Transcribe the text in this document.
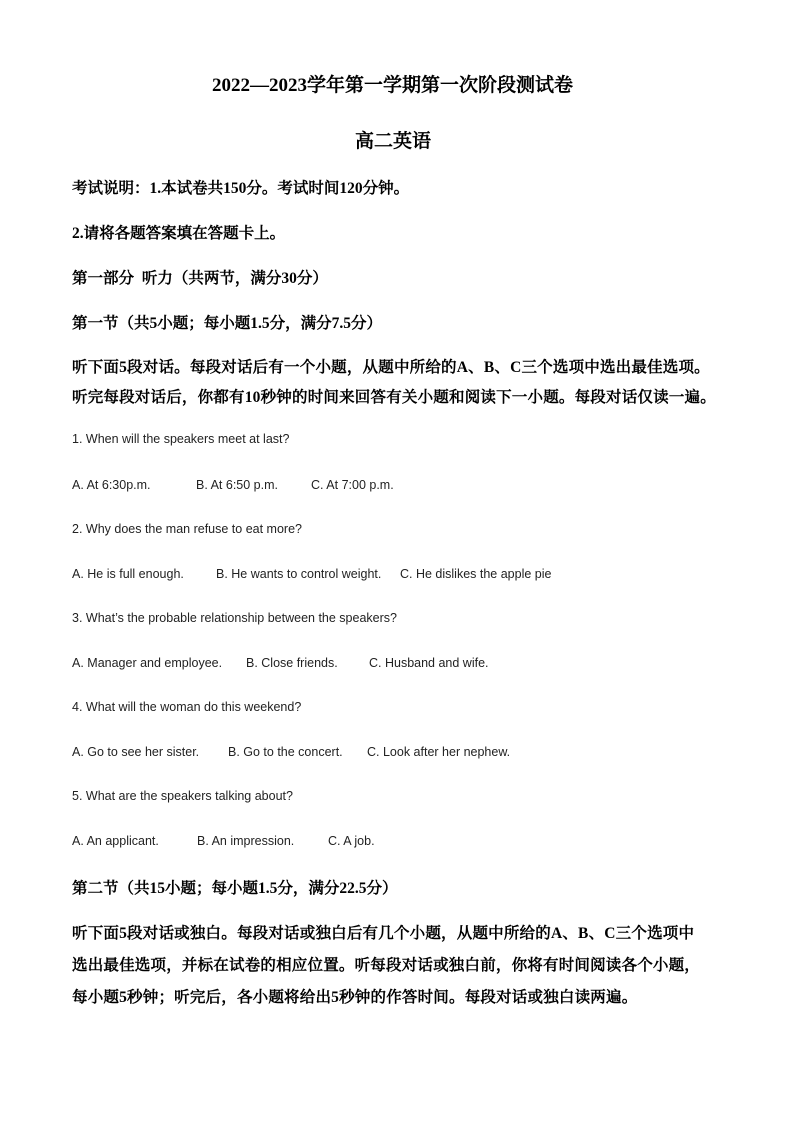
2022—2023学年第一学期第一次阶段测试卷
高二英语
考试说明：1.本试卷共150分。考试时间120分钟。
2.请将各题答案填在答题卡上。
第一部分 听力（共两节，满分30分）
第一节（共5小题；每小题1.5分，满分7.5分）
听下面5段对话。每段对话后有一个小题，从题中所给的A、B、C三个选项中选出最佳选项。
听完每段对话后，你都有10秒钟的时间来回答有关小题和阅读下一小题。每段对话仅读一遍。
1. When will the speakers meet at last?
A. At 6:30p.m.	B. At 6:50 p.m.	C. At 7:00 p.m.
2. Why does the man refuse to eat more?
A. He is full enough.	B. He wants to control weight. C. He dislikes the apple pie
3. What’s the probable relationship between the speakers?
A. Manager and employee. B. Close friends.	C. Husband and wife.
4. What will the woman do this weekend?
A. Go to see her sister. B. Go to the concert. C. Look after her nephew.
5. What are the speakers talking about?
A. An applicant.	B. An impression.	C. A job.
第二节（共15小题；每小题1.5分，满分22.5分）
听下面5段对话或独白。每段对话或独白后有几个小题，从题中所给的A、B、C三个选项中
选出最佳选项，并标在试卷的相应位置。听每段对话或独白前，你将有时间阅读各个小题，
每小题5秒钟；听完后，各小题将给出5秒钟的作答时间。每段对话或独白读两遍。
